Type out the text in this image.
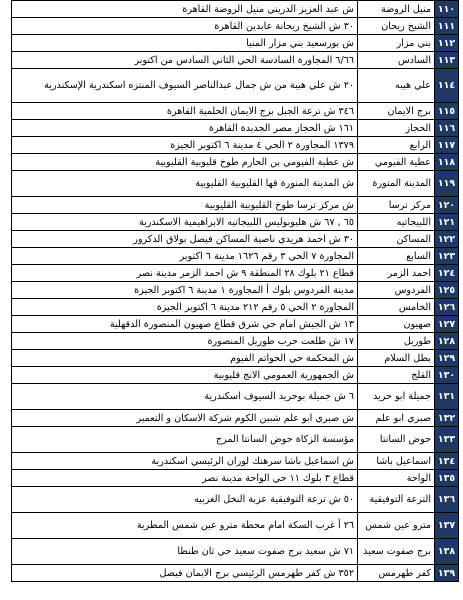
١١٠	منيل الروضة	ش عبد العزيز الدريني منيل الروضة القاهرة
١١١	الشيخ ريحان	٣٠ ش الشيخ ريحانة عابدين القاهرة
١١٢	بني مزار	ش بورسعيد بني مزار المنيا
١١٣	السادس	٦/٦٦ المجاورة السادسة الحي الثاني السادس من اكتوبر
١١٤	علي هيبه	٢٠ ش علي هيبة من ش جمال عبدالناصر السيوف المنتزه اسكندرية الإسكندرية
١١٥	برج الايمان	٣٤٦ ش ترعة الجبل برج الايمان الحلمية القاهرة
١١٦	الحجاز	١٦١ ش الحجاز مصر الجديدة القاهرة
١١٧	الرابع	١٣٧٩ المجاورة ٢ الحي ٤ مدينة ٦ اكتوبر الجيزة
١١٨	عطية الفيومي	ش عطية الفيومي بن الحازم طوخ قليوبية القليوبية
١١٩	المدينة المنورة	ش المدينة المنورة قها القليوبية القليوبية
١٢٠	مركز ترسا	ش مركز ترسا طوخ القليوبية القليوبية
١٢١	اللبيجاتيه	٦٥ , ٦٧ ش هليوبوليس اللبيجاتيه الابراهيمية الاسكندرية
١٢٢	المساكن	٣٠ ش احمد هريدي ناصية المساكن فيصل بولاق الدكرور
١٢٣	السابع	المجاورة ٧ الحي ٣ رقم ١٦٢٦ مدينة ٦ اكتوبر
١٢٤	احمد الزمر	قطاع ٢١ بلوك ٢٨ المنطقة ٩ ش احمد الزمر مدينة نصر
١٢٥	الفردوس	مدينة الفردوس بلوك أ المجاورة ١ مدينة ٦ اكتوبر الجيزة
١٢٦	الخامس	المجاورة ٢ الحي ٥ رقم ٢١٢ مدينة ٦ اكتوبر الجيزة
١٢٧	صهيون	١٣ ش الجيش امام حي شرق قطاع صهيون المنصورة الدقهلية
١٢٨	طوريل	١٧ ش طلعت حرب طوريل المنصورة
١٢٩	بطل السلام	ش المحكمة حي الحواتم الفيوم
١٣٠	القلج	ش الجمهورية العمومي الانج قليوبية
١٣١	جميلة ابو حريد	٦ ش جميلة بوحريد السيوف اسكندرية
١٣٢	صبري ابو علم	ش صبري ابو علم شبين الكوم شركة الاسكان و التعمير
١٣٣	حوض السانتا	مؤسسة الزكاة حوض السانتا المرج
١٣٤	اسماعيل باشا	ش اسماعيل باشا سرهنك لوران الرئيسي اسكندرية
١٣٥	الواحة	قطاع ٣ بلوك ١١ حي الواحة مدينة نصر
١٣٦	الترعة التوفيقية	٥٠ ش ترعة التوفيقية عزبة النخل الغربيه
١٣٧	مترو عين شمس	٢٦ أ غرب السكة امام محطة مترو عين شمس المطرية
١٣٨	برج صفوت سعيد	٧١ ش سعيد برج صفوت سعيد حي ثان طنطا
١٣٩	كفر طهرمس	٣٥٢ ش كفر طهرمس الرئيسي برج الايمان فيصل
